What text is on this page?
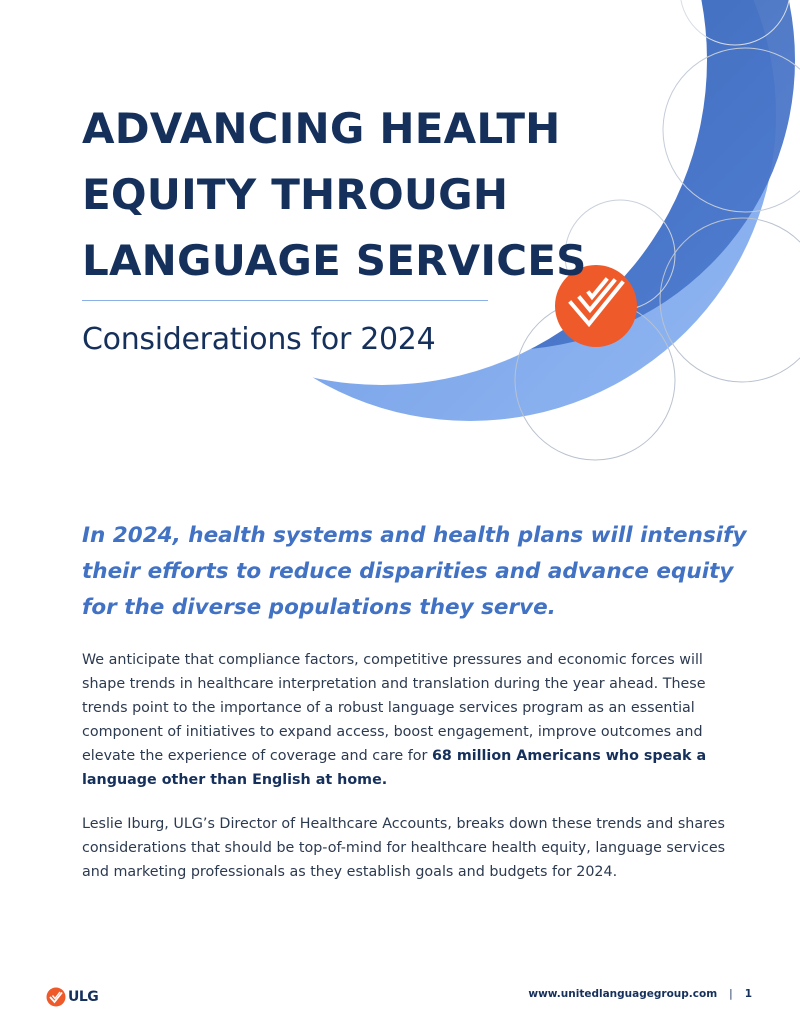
ADVANCING HEALTH
EQUITY THROUGH
LANGUAGE SERVICES
Considerations for 2024

In 2024, health systems and health plans will intensify
their efforts to reduce disparities and advance equity
for the diverse populations they serve.

We anticipate that compliance factors, competitive pressures and economic forces will
shape trends in healthcare interpretation and translation during the year ahead. These
trends point to the importance of a robust language services program as an essential
component of initiatives to expand access, boost engagement, improve outcomes and
elevate the experience of coverage and care for 68 million Americans who speak a
language other than English at home.

Leslie Iburg, ULG’s Director of Healthcare Accounts, breaks down these trends and shares
considerations that should be top-of-mind for healthcare health equity, language services
and marketing professionals as they establish goals and budgets for 2024.

ULG	www.unitedlanguagegroup.com | 1
